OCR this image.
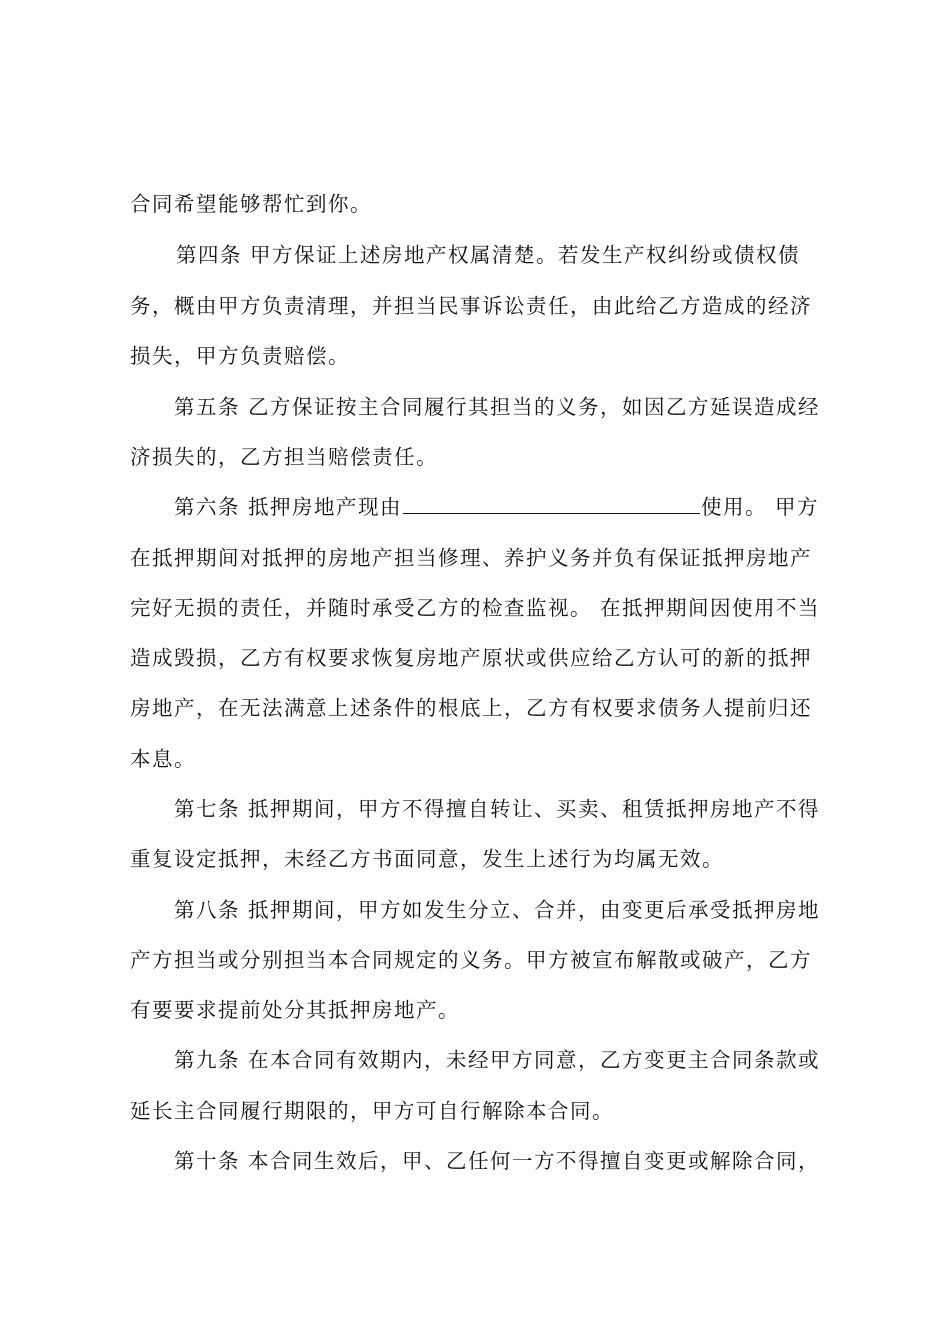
合同希望能够帮忙到你。
第四条 甲方保证上述房地产权属清楚。若发生产权纠纷或债权债
务，概由甲方负责清理，并担当民事诉讼责任，由此给乙方造成的经济
损失，甲方负责赔偿。
第五条 乙方保证按主合同履行其担当的义务，如因乙方延误造成经
济损失的，乙方担当赔偿责任。
第六条 抵押房地产现由	使用。 甲方
在抵押期间对抵押的房地产担当修理、养护义务并负有保证抵押房地产
完好无损的责任，并随时承受乙方的检查监视。 在抵押期间因使用不当
造成毁损，乙方有权要求恢复房地产原状或供应给乙方认可的新的抵押
房地产，在无法满意上述条件的根底上，乙方有权要求债务人提前归还
本息。
第七条 抵押期间，甲方不得擅自转让、买卖、租赁抵押房地产不得
重复设定抵押，未经乙方书面同意，发生上述行为均属无效。
第八条 抵押期间，甲方如发生分立、合并，由变更后承受抵押房地
产方担当或分别担当本合同规定的义务。甲方被宣布解散或破产，乙方
有要要求提前处分其抵押房地产。
第九条 在本合同有效期内，未经甲方同意，乙方变更主合同条款或
延长主合同履行期限的，甲方可自行解除本合同。
第十条 本合同生效后，甲、乙任何一方不得擅自变更或解除合同，
